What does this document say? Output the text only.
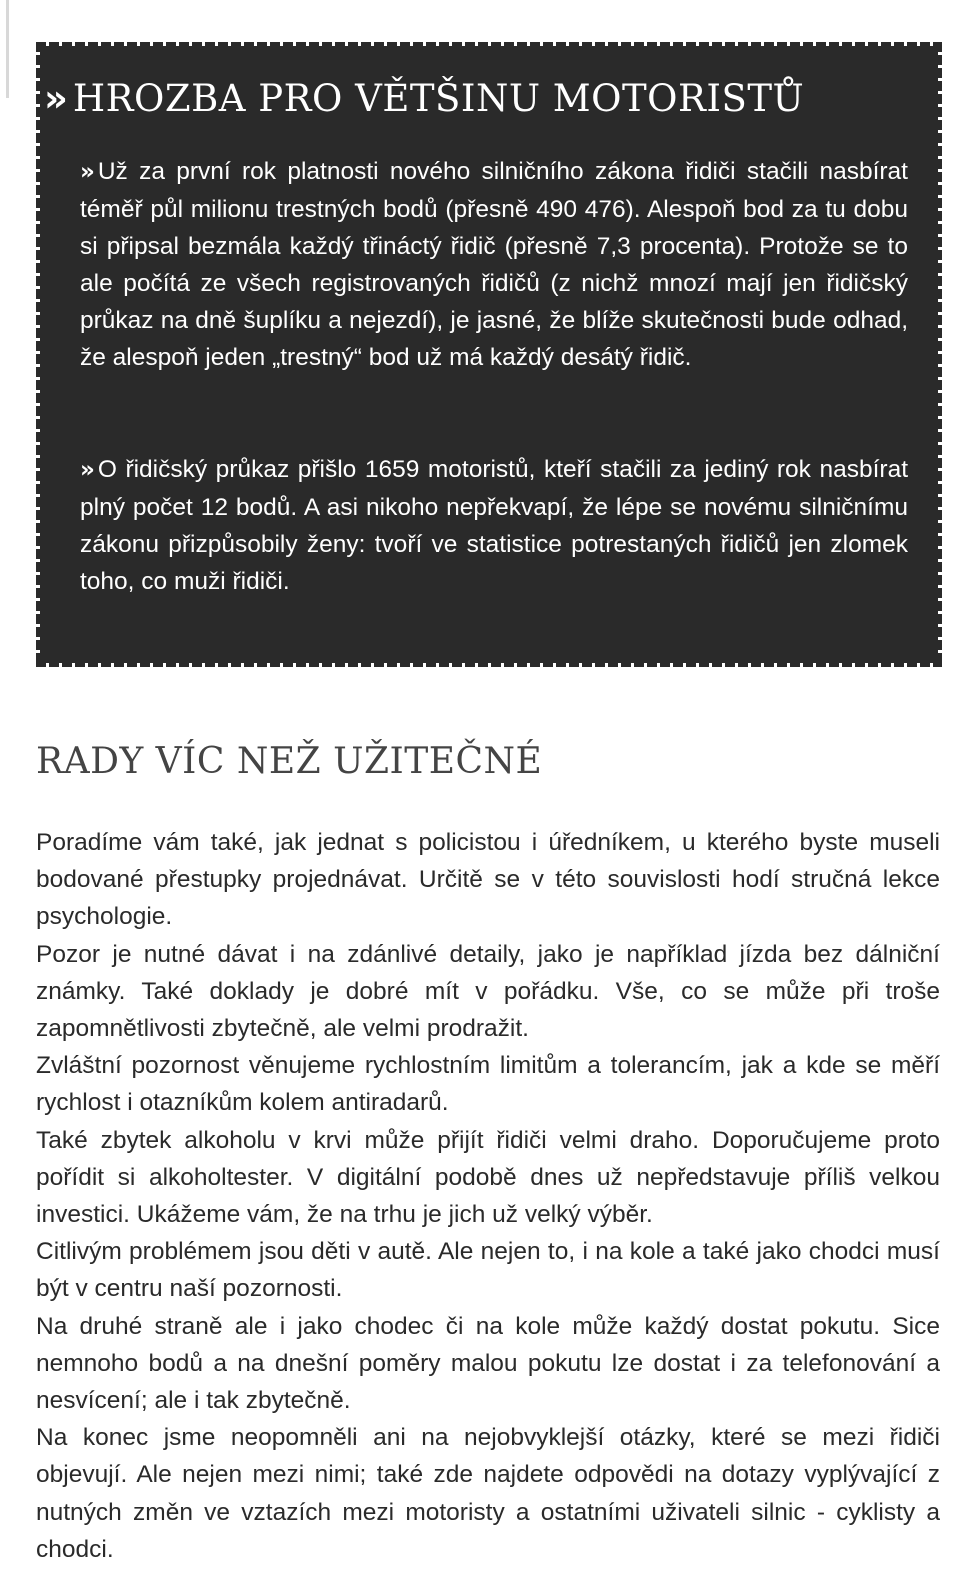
» HROZBA PRO VĚTŠINU MOTORISTŮ

» Už za první rok platnosti nového silničního zákona řidiči stačili nasbírat téměř půl milionu trestných bodů (přesně 490 476). Alespoň bod za tu dobu si připsal bezmála každý třináctý řidič (přesně 7,3 procenta). Protože se to ale počítá ze všech registrovaných řidičů (z nichž mnozí mají jen řidičský průkaz na dně šuplíku a nejezdí), je jasné, že blíže skutečnosti bude odhad, že alespoň jeden „trestný“ bod už má každý desátý řidič.

» O řidičský průkaz přišlo 1659 motoristů, kteří stačili za jediný rok nasbírat plný počet 12 bodů. A asi nikoho nepřekvapí, že lépe se novému silničnímu zákonu přizpůsobily ženy: tvoří ve statistice potrestaných řidičů jen zlomek toho, co muži řidiči.

RADY VÍC NEŽ UŽITEČNÉ

Poradíme vám také, jak jednat s policistou i úředníkem, u kterého byste museli bodované přestupky projednávat. Určitě se v této souvislosti hodí stručná lekce psychologie.

Pozor je nutné dávat i na zdánlivé detaily, jako je například jízda bez dálniční známky. Také doklady je dobré mít v pořádku. Vše, co se může při troše zapomnětlivosti zbytečně, ale velmi prodražit.

Zvláštní pozornost věnujeme rychlostním limitům a tolerancím, jak a kde se měří rychlost i otazníkům kolem antiradarů.

Také zbytek alkoholu v krvi může přijít řidiči velmi draho. Doporučujeme proto pořídit si alkoholtester. V digitální podobě dnes už nepředstavuje příliš velkou investici. Ukážeme vám, že na trhu je jich už velký výběr.

Citlivým problémem jsou děti v autě. Ale nejen to, i na kole a také jako chodci musí být v centru naší pozornosti.

Na druhé straně ale i jako chodec či na kole může každý dostat pokutu. Sice nemnoho bodů a na dnešní poměry malou pokutu lze dostat i za telefonování a nesvícení; ale i tak zbytečně.

Na konec jsme neopomněli ani na nejobvyklejší otázky, které se mezi řidiči objevují. Ale nejen mezi nimi; také zde najdete odpovědi na dotazy vyplývající z nutných změn ve vztazích mezi motoristy a ostatními uživateli silnic - cyklisty a chodci.
